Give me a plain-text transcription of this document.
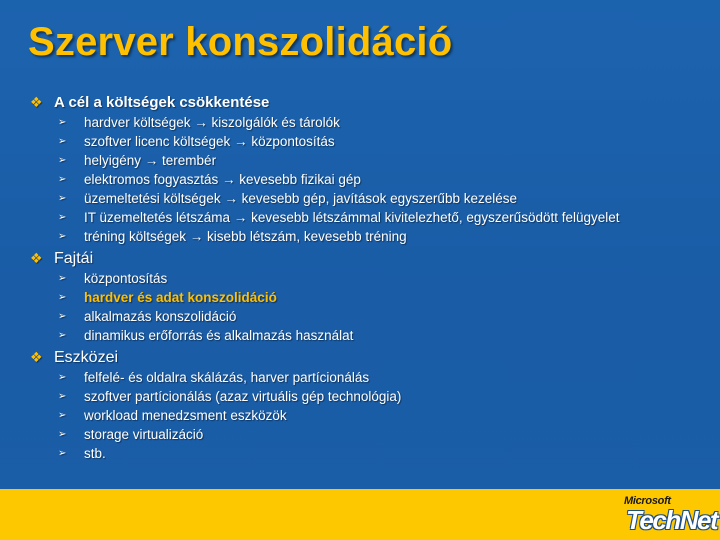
Szerver konszolidáció
❖ A cél a költségek csökkentése
➢	hardver költségek → kiszolgálók és tárolók
➢	szoftver licenc költségek → központosítás
➢	helyigény → terembér
➢	elektromos fogyasztás → kevesebb fizikai gép
➢	üzemeltetési költségek → kevesebb gép, javítások egyszerűbb kezelése
➢	IT üzemeltetés létszáma → kevesebb létszámmal kivitelezhető, egyszerűsödött felügyelet
➢	tréning költségek → kisebb létszám, kevesebb tréning
❖ Fajtái
➢	központosítás
➢	hardver és adat konszolidáció
➢	alkalmazás konszolidáció
➢	dinamikus erőforrás és alkalmazás használat
❖ Eszközei
➢	felfelé- és oldalra skálázás, harver partícionálás
➢	szoftver partícionálás (azaz virtuális gép technológia)
➢	workload menedzsment eszközök
➢	storage virtualizáció
➢	stb.
Microsoft
TechNet
